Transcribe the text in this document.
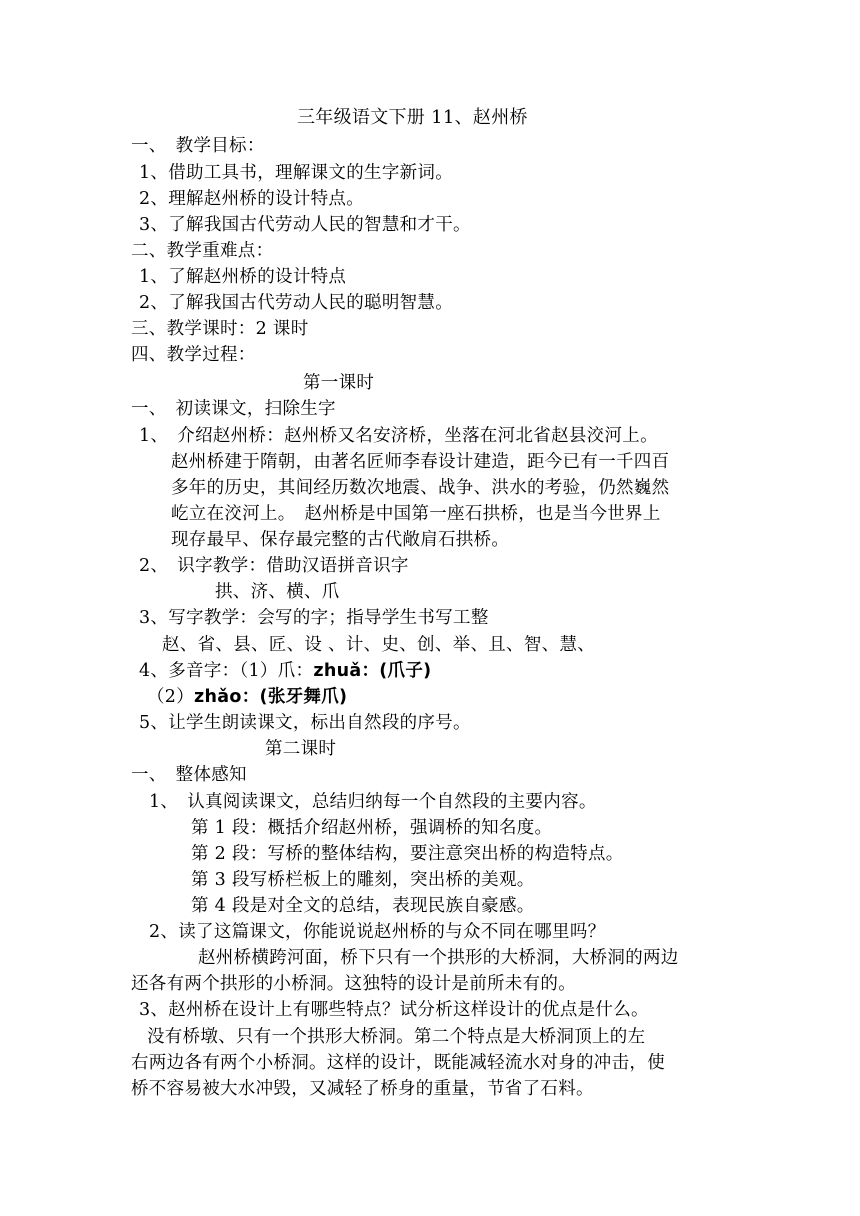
三年级语文下册 11、赵州桥
一、　教学目标：
1、借助工具书，理解课文的生字新词。
2、理解赵州桥的设计特点。
3、了解我国古代劳动人民的智慧和才干。
二、教学重难点：
1、了解赵州桥的设计特点
2、了解我国古代劳动人民的聪明智慧。
三、教学课时：2 课时
四、教学过程：
第一课时
一、　初读课文，扫除生字
1、　介绍赵州桥：赵州桥又名安济桥，坐落在河北省赵县洨河上。
赵州桥建于隋朝，由著名匠师李春设计建造，距今已有一千四百
多年的历史，其间经历数次地震、战争、洪水的考验，仍然巍然
屹立在洨河上。　赵州桥是中国第一座石拱桥，也是当今世界上
现存最早、保存最完整的古代敞肩石拱桥。
2、　识字教学：借助汉语拼音识字
拱、济、横、爪
3、写字教学：会写的字；指导学生书写工整
赵、省、县、匠、设 、计、史、创、举、且、智、慧、
4、多音字：（1）爪：zhuǎ：(爪子)
（2）zhǎo：(张牙舞爪)
5、让学生朗读课文，标出自然段的序号。
第二课时
一、　整体感知
1、　认真阅读课文，总结归纳每一个自然段的主要内容。
第 1 段：概括介绍赵州桥，强调桥的知名度。
第 2 段：写桥的整体结构，要注意突出桥的构造特点。
第 3 段写桥栏板上的雕刻，突出桥的美观。
第 4 段是对全文的总结，表现民族自豪感。
2、读了这篇课文，你能说说赵州桥的与众不同在哪里吗？
赵州桥横跨河面，桥下只有一个拱形的大桥洞，大桥洞的两边
还各有两个拱形的小桥洞。这独特的设计是前所未有的。
3、赵州桥在设计上有哪些特点？试分析这样设计的优点是什么。
没有桥墩、只有一个拱形大桥洞。第二个特点是大桥洞顶上的左
右两边各有两个小桥洞。这样的设计，既能减轻流水对身的冲击，使
桥不容易被大水冲毁，又减轻了桥身的重量，节省了石料。
